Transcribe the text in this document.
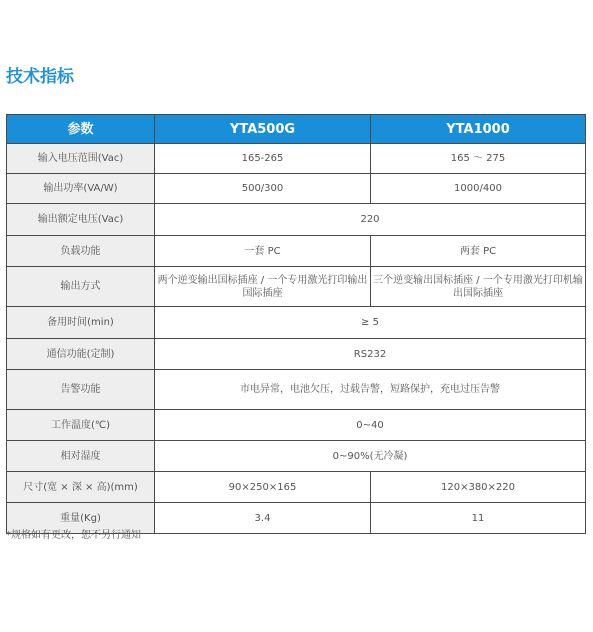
技术指标
参数	YTA500G	YTA1000
输入电压范围(Vac)	165-265	165 ～ 275
输出功率(VA/W)	500/300	1000/400
输出额定电压(Vac)	220	
负载功能	一套 PC	两套 PC
输出方式	两个逆变输出国标插座 / 一个专用激光打印输出国际插座	三个逆变输出国标插座 / 一个专用激光打印机输出国际插座
备用时间(min)	≥ 5	
通信功能(定制)	RS232	
告警功能	市电异常，电池欠压，过载告警，短路保护，充电过压告警	
工作温度(℃)	0~40	
相对湿度	0~90%(无冷凝)	
尺寸(宽 × 深 × 高)(mm)	90×250×165	120×380×220
重量(Kg)	3.4	11
*规格如有更改，恕不另行通知
